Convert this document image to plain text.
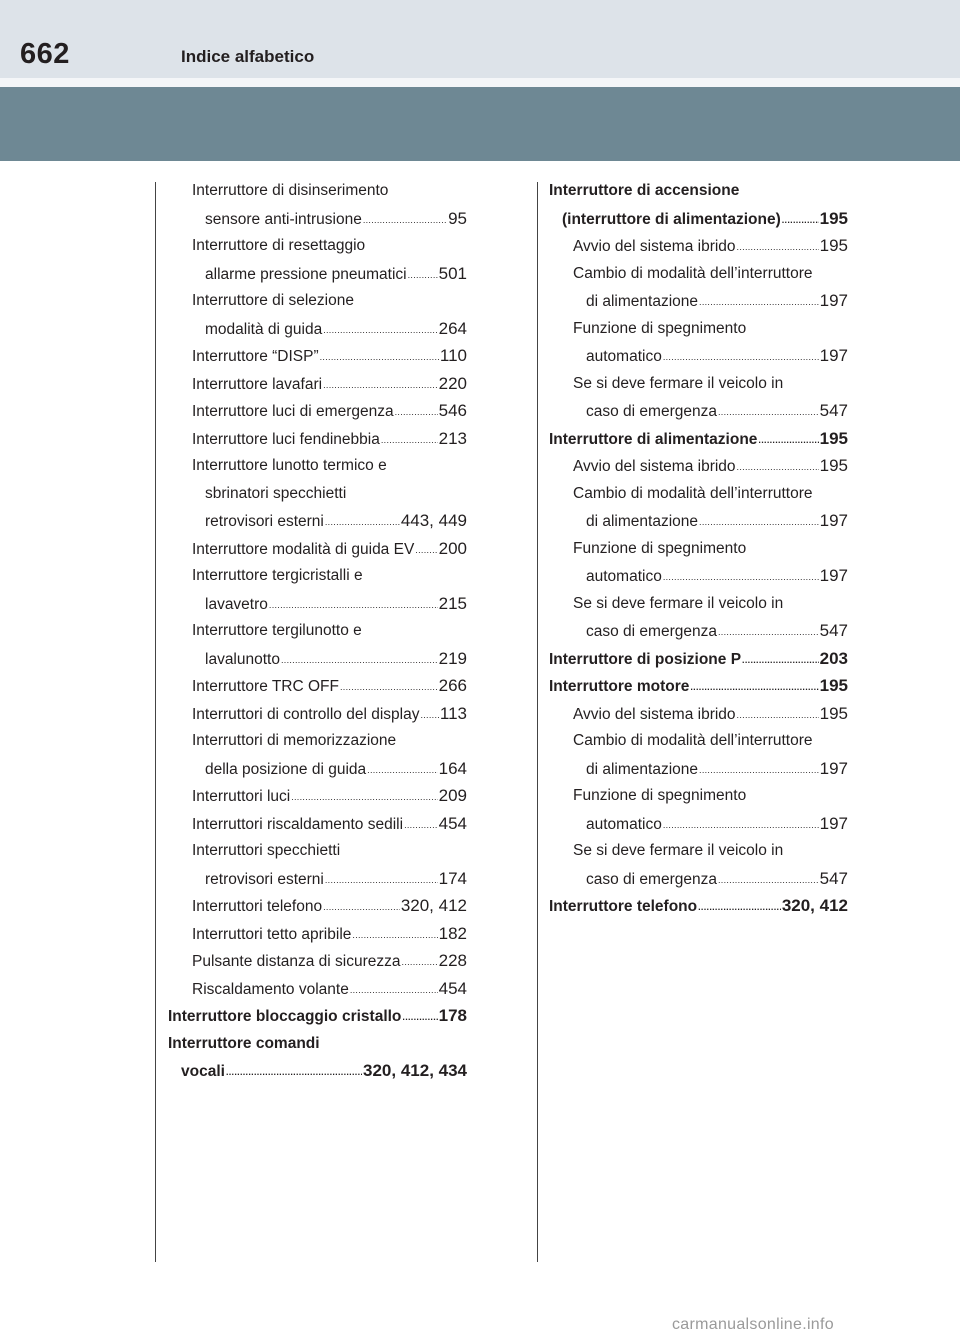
662	Indice alfabetico
Interruttore di disinserimento
sensore anti-intrusione .....	95
Interruttore di resettaggio
allarme pressione pneumatici ..... 501
Interruttore di selezione
modalità di guida .....	264
Interruttore “DISP” .....	110
Interruttore lavafari .....	220
Interruttore luci di emergenza .....	546
Interruttore luci fendinebbia .....	213
Interruttore lunotto termico e
sbrinatori specchietti
retrovisori esterni .....	443, 449
Interruttore modalità di guida EV ..... 200
Interruttore tergicristalli e
lavavetro .....	215
Interruttore tergilunotto e
lavalunotto .....	219
Interruttore TRC OFF .....	266
Interruttori di controllo del display ..... 113
Interruttori di memorizzazione
della posizione di guida .....	164
Interruttori luci .....	209
Interruttori riscaldamento sedili ..... 454
Interruttori specchietti
retrovisori esterni .....	174
Interruttori telefono .....	320, 412
Interruttori tetto apribile .....	182
Pulsante distanza di sicurezza ..... 228
Riscaldamento volante .....	454
Interruttore bloccaggio cristallo ..... 178
Interruttore comandi
vocali .....	320, 412, 434
Interruttore di accensione
(interruttore di alimentazione) ..... 195
Avvio del sistema ibrido .....	195
Cambio di modalità dell’interruttore
di alimentazione .....	197
Funzione di spegnimento
automatico .....	197
Se si deve fermare il veicolo in
caso di emergenza .....	547
Interruttore di alimentazione .....	195
Avvio del sistema ibrido .....	195
Cambio di modalità dell’interruttore
di alimentazione .....	197
Funzione di spegnimento
automatico .....	197
Se si deve fermare il veicolo in
caso di emergenza .....	547
Interruttore di posizione P .....	203
Interruttore motore .....	195
Avvio del sistema ibrido .....	195
Cambio di modalità dell’interruttore
di alimentazione .....	197
Funzione di spegnimento
automatico .....	197
Se si deve fermare il veicolo in
caso di emergenza .....	547
Interruttore telefono .....	320, 412
carmanualsonline.info
